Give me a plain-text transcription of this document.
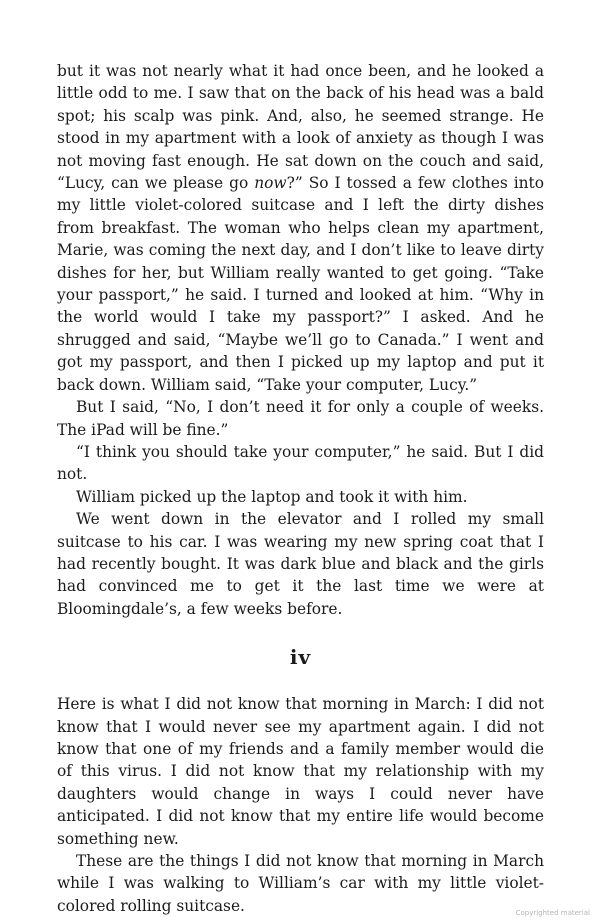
but it was not nearly what it had once been, and he looked a little odd to me. I saw that on the back of his head was a bald spot; his scalp was pink. And, also, he seemed strange. He stood in my apartment with a look of anxiety as though I was not moving fast enough. He sat down on the couch and said, “Lucy, can we please go now?” So I tossed a few clothes into my little violet-colored suitcase and I left the dirty dishes from breakfast. The woman who helps clean my apartment, Marie, was coming the next day, and I don’t like to leave dirty dishes for her, but William really wanted to get going. “Take your passport,” he said. I turned and looked at him. “Why in the world would I take my passport?” I asked. And he shrugged and said, “Maybe we’ll go to Canada.” I went and got my passport, and then I picked up my laptop and put it back down. William said, “Take your computer, Lucy.”

But I said, “No, I don’t need it for only a couple of weeks. The iPad will be fine.”

“I think you should take your computer,” he said. But I did not.

William picked up the laptop and took it with him.

We went down in the elevator and I rolled my small suitcase to his car. I was wearing my new spring coat that I had recently bought. It was dark blue and black and the girls had convinced me to get it the last time we were at Bloomingdale’s, a few weeks before.

iv

Here is what I did not know that morning in March: I did not know that I would never see my apartment again. I did not know that one of my friends and a family member would die of this virus. I did not know that my relationship with my daughters would change in ways I could never have anticipated. I did not know that my entire life would become something new.

These are the things I did not know that morning in March while I was walking to William’s car with my little violet-colored rolling suitcase.	Copyrighted material
